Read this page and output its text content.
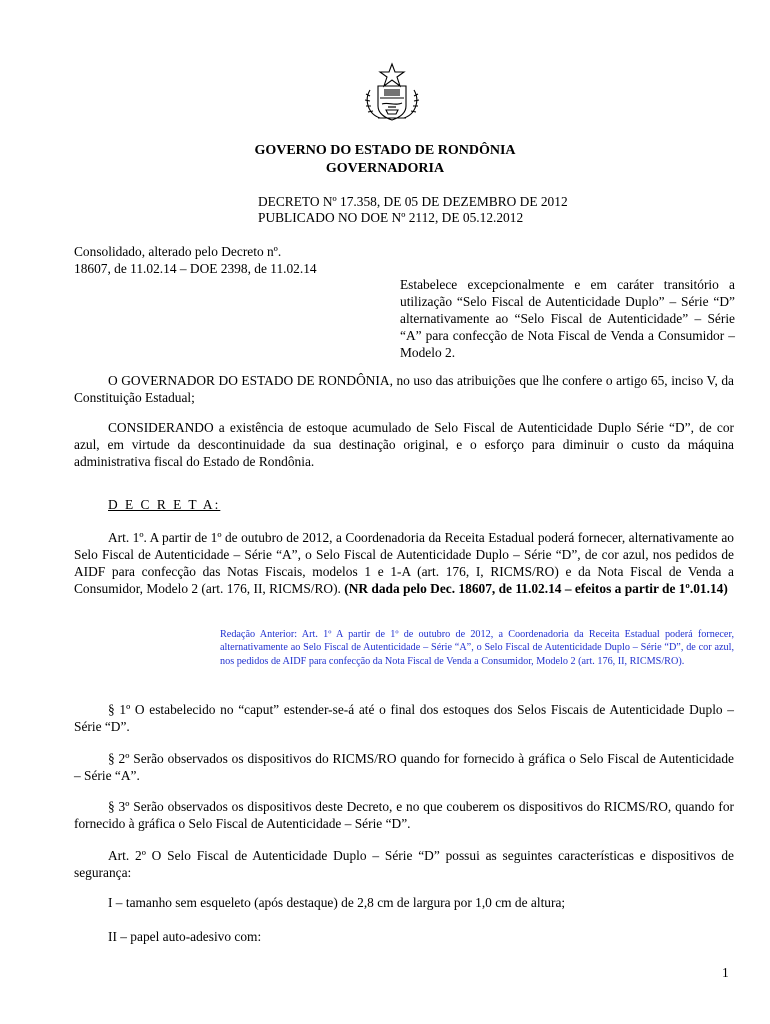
GOVERNO DO ESTADO DE RONDÔNIA
GOVERNADORIA
DECRETO Nº 17.358, DE 05 DE DEZEMBRO DE 2012
PUBLICADO NO DOE Nº 2112, DE 05.12.2012
Consolidado, alterado pelo Decreto nº.
18607, de 11.02.14 – DOE 2398, de 11.02.14

Estabelece excepcionalmente e em caráter transitório a utilização “Selo Fiscal de Autenticidade Duplo” – Série “D” alternativamente ao “Selo Fiscal de Autenticidade” – Série “A” para confecção de Nota Fiscal de Venda a Consumidor – Modelo 2.

O GOVERNADOR DO ESTADO DE RONDÔNIA, no uso das atribuições que lhe confere o artigo 65, inciso V, da Constituição Estadual;

CONSIDERANDO a existência de estoque acumulado de Selo Fiscal de Autenticidade Duplo Série “D”, de cor azul, em virtude da descontinuidade da sua destinação original, e o esforço para diminuir o custo da máquina administrativa fiscal do Estado de Rondônia.

D E C R E T A:

Art. 1º. A partir de 1º de outubro de 2012, a Coordenadoria da Receita Estadual poderá fornecer, alternativamente ao Selo Fiscal de Autenticidade – Série “A”, o Selo Fiscal de Autenticidade Duplo – Série “D”, de cor azul, nos pedidos de AIDF para confecção das Notas Fiscais, modelos 1 e 1-A (art. 176, I, RICMS/RO) e da Nota Fiscal de Venda a Consumidor, Modelo 2 (art. 176, II, RICMS/RO). (NR dada pelo Dec. 18607, de 11.02.14 – efeitos a partir de 1º.01.14)

Redação Anterior: Art. 1º A partir de 1º de outubro de 2012, a Coordenadoria da Receita Estadual poderá fornecer, alternativamente ao Selo Fiscal de Autenticidade – Série “A”, o Selo Fiscal de Autenticidade Duplo – Série “D”, de cor azul, nos pedidos de AIDF para confecção da Nota Fiscal de Venda a Consumidor, Modelo 2 (art. 176, II, RICMS/RO).

§ 1º O estabelecido no “caput” estender-se-á até o final dos estoques dos Selos Fiscais de Autenticidade Duplo – Série “D”.

§ 2º Serão observados os dispositivos do RICMS/RO quando for fornecido à gráfica o Selo Fiscal de Autenticidade – Série “A”.

§ 3º Serão observados os dispositivos deste Decreto, e no que couberem os dispositivos do RICMS/RO, quando for fornecido à gráfica o Selo Fiscal de Autenticidade – Série “D”.

Art. 2º O Selo Fiscal de Autenticidade Duplo – Série “D” possui as seguintes características e dispositivos de segurança:

I – tamanho sem esqueleto (após destaque) de 2,8 cm de largura por 1,0 cm de altura;

II – papel auto-adesivo com:

1
